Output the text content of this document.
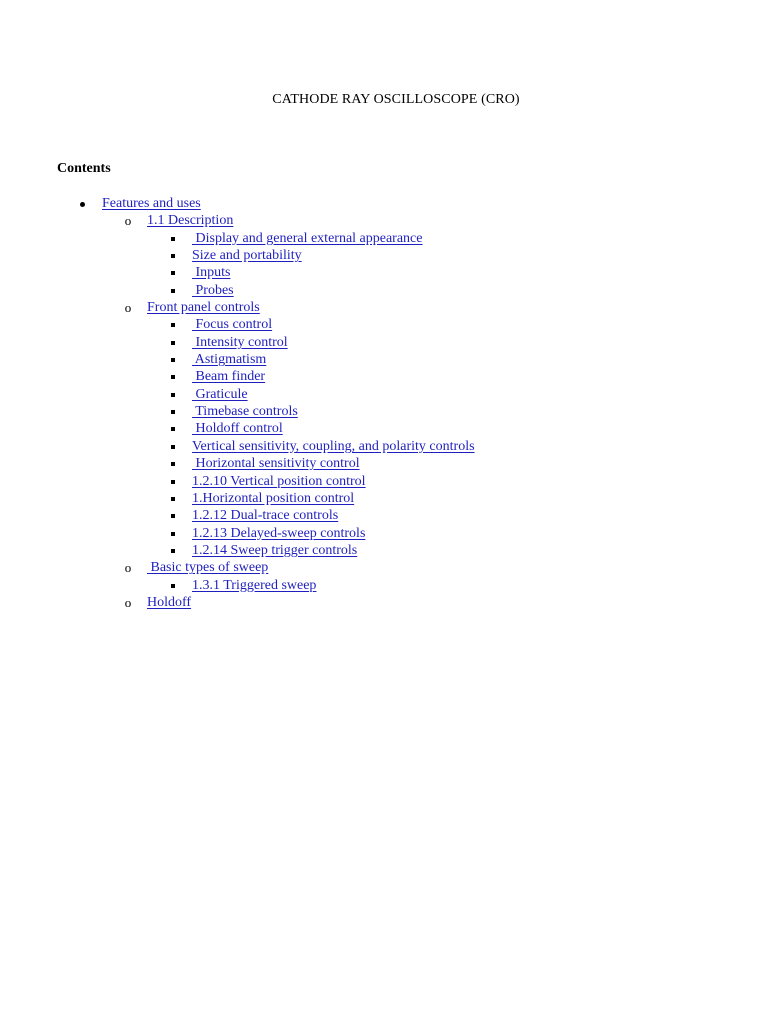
CATHODE RAY OSCILLOSCOPE (CRO)
Contents
Features and uses
o 1.1 Description
Display and general external appearance
Size and portability
Inputs
Probes
o Front panel controls
Focus control
Intensity control
Astigmatism
Beam finder
Graticule
Timebase controls
Holdoff control
Vertical sensitivity, coupling, and polarity controls
Horizontal sensitivity control
1.2.10 Vertical position control
1.Horizontal position control
1.2.12 Dual-trace controls
1.2.13 Delayed-sweep controls
1.2.14 Sweep trigger controls
o Basic types of sweep
1.3.1 Triggered sweep
o Holdoff
